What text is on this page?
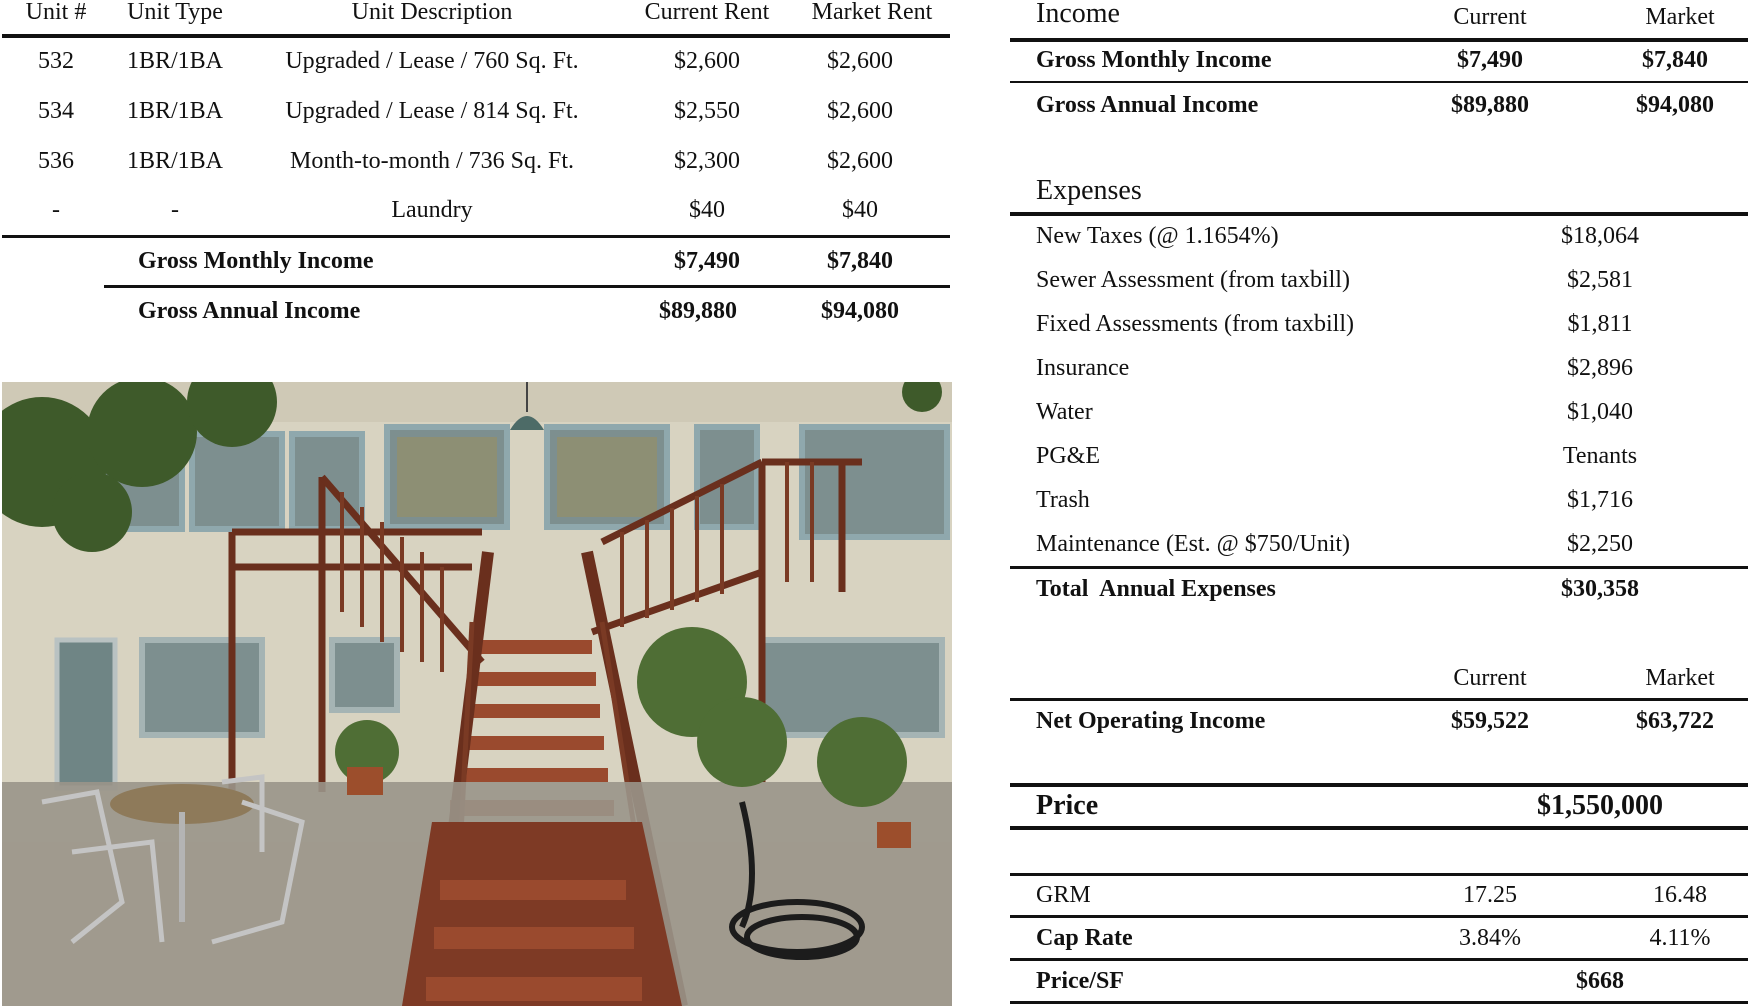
Unit #	Unit Type	Unit Description	Current Rent	Market Rent
532	1BR/1BA	Upgraded / Lease / 760 Sq. Ft.	$2,600	$2,600
534	1BR/1BA	Upgraded / Lease / 814 Sq. Ft.	$2,550	$2,600
536	1BR/1BA	Month-to-month / 736 Sq. Ft.	$2,300	$2,600
-	-	Laundry	$40	$40
Gross Monthly Income	$7,490	$7,840
Gross Annual Income	$89,880	$94,080
Income	Current	Market
Gross Monthly Income	$7,490	$7,840
Gross Annual Income	$89,880	$94,080
Expenses
New Taxes (@ 1.1654%)	$18,064
Sewer Assessment (from taxbill)	$2,581
Fixed Assessments (from taxbill)	$1,811
Insurance	$2,896
Water	$1,040
PG&E	Tenants
Trash	$1,716
Maintenance (Est. @ $750/Unit)	$2,250
Total  Annual Expenses	$30,358
Current	Market
Net Operating Income	$59,522	$63,722
Price	$1,550,000
GRM	17.25	16.48
Cap Rate	3.84%	4.11%
Price/SF	$668
